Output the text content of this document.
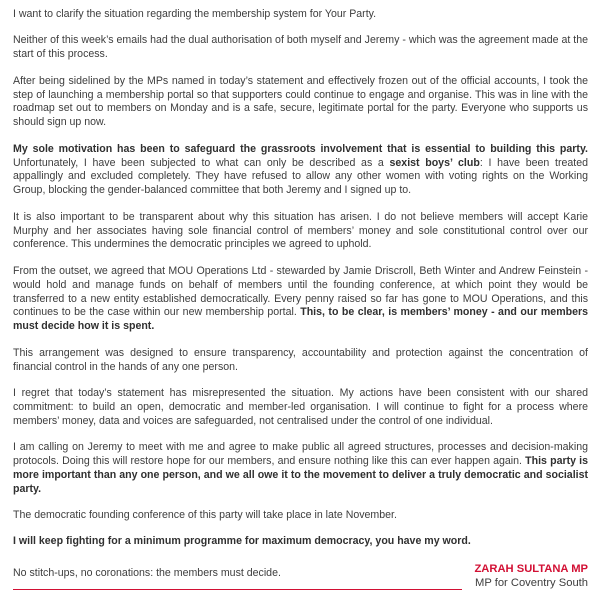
I want to clarify the situation regarding the membership system for Your Party.

Neither of this week’s emails had the dual authorisation of both myself and Jeremy - which was the agreement made at the start of this process.

After being sidelined by the MPs named in today’s statement and effectively frozen out of the official accounts, I took the step of launching a membership portal so that supporters could continue to engage and organise. This was in line with the roadmap set out to members on Monday and is a safe, secure, legitimate portal for the party. Everyone who supports us should sign up now.

My sole motivation has been to safeguard the grassroots involvement that is essential to building this party. Unfortunately, I have been subjected to what can only be described as a sexist boys’ club: I have been treated appallingly and excluded completely. They have refused to allow any other women with voting rights on the Working Group, blocking the gender-balanced committee that both Jeremy and I signed up to.

It is also important to be transparent about why this situation has arisen. I do not believe members will accept Karie Murphy and her associates having sole financial control of members’ money and sole constitutional control over our conference. This undermines the democratic principles we agreed to uphold.

From the outset, we agreed that MOU Operations Ltd - stewarded by Jamie Driscroll, Beth Winter and Andrew Feinstein - would hold and manage funds on behalf of members until the founding conference, at which point they would be transferred to a new entity established democratically. Every penny raised so far has gone to MOU Operations, and this continues to be the case within our new membership portal. This, to be clear, is members’ money - and our members must decide how it is spent.

This arrangement was designed to ensure transparency, accountability and protection against the concentration of financial control in the hands of any one person.

I regret that today’s statement has misrepresented the situation. My actions have been consistent with our shared commitment: to build an open, democratic and member-led organisation. I will continue to fight for a process where members’ money, data and voices are safeguarded, not centralised under the control of one individual.

I am calling on Jeremy to meet with me and agree to make public all agreed structures, processes and decision-making protocols. Doing this will restore hope for our members, and ensure nothing like this can ever happen again. This party is more important than any one person, and we all owe it to the movement to deliver a truly democratic and socialist party.

The democratic founding conference of this party will take place in late November.

I will keep fighting for a minimum programme for maximum democracy, you have my word.

No stitch-ups, no coronations: the members must decide.	ZARAH SULTANA MP
MP for Coventry South
